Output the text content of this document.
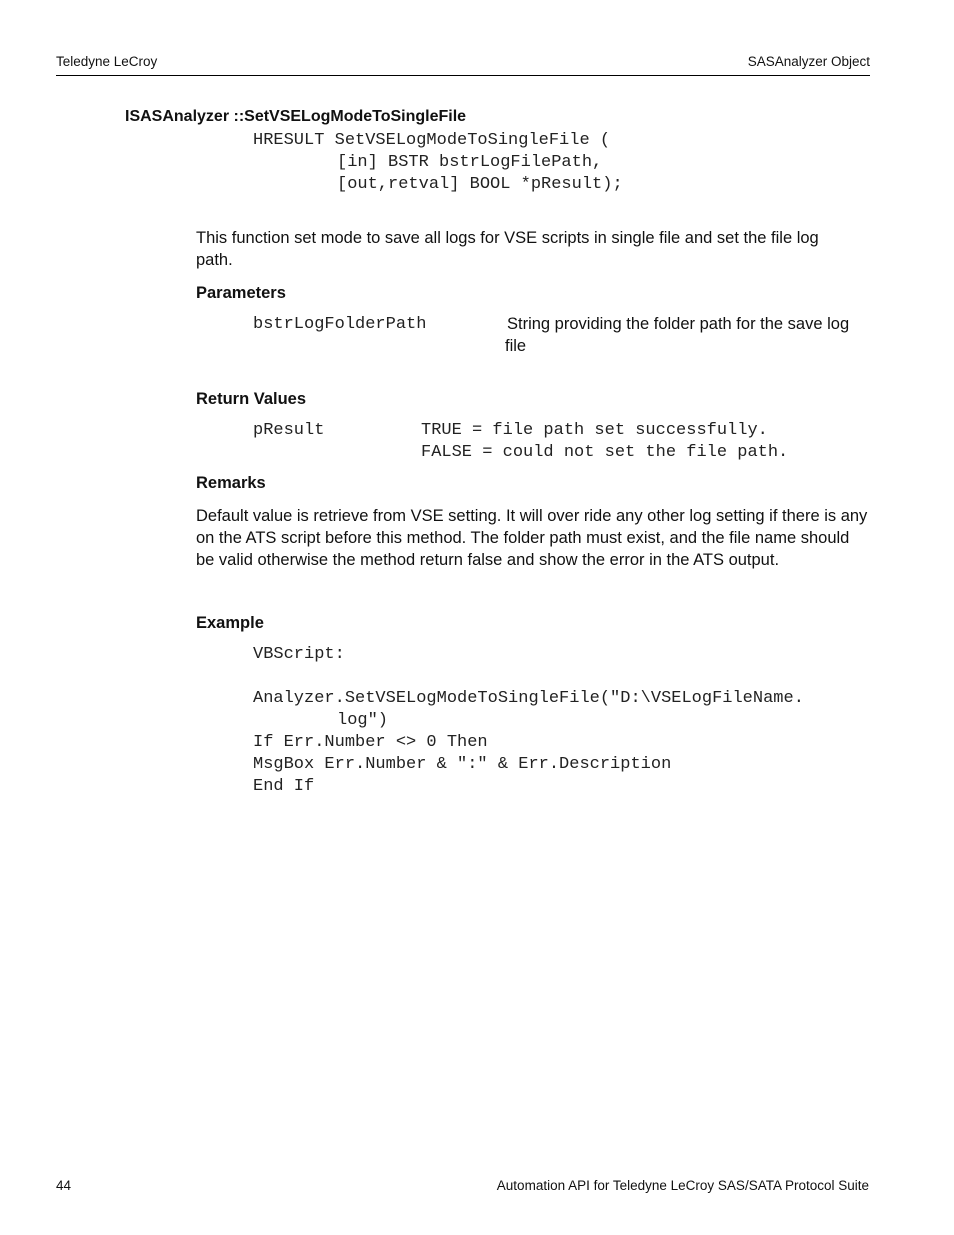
Teledyne LeCroy	SASAnalyzer Object
ISASAnalyzer ::SetVSELogModeToSingleFile
HRESULT SetVSELogModeToSingleFile (
[in] BSTR bstrLogFilePath,
[out,retval] BOOL *pResult);
This function set mode to save all logs for VSE scripts in single file and set the file log path.
Parameters
bstrLogFolderPath	String providing the folder path for the save log
file
Return Values
pResult	TRUE = file path set successfully.
FALSE = could not set the file path.
Remarks
Default value is retrieve from VSE setting. It will over ride any other log setting if there is any on the ATS script before this method. The folder path must exist, and the file name should be valid otherwise the method return false and show the error in the ATS output.
Example
VBScript:
Analyzer.SetVSELogModeToSingleFile("D:\VSELogFileName.
log")
If Err.Number <> 0 Then
MsgBox Err.Number & ":" & Err.Description
End If
44	Automation API for Teledyne LeCroy SAS/SATA Protocol Suite
